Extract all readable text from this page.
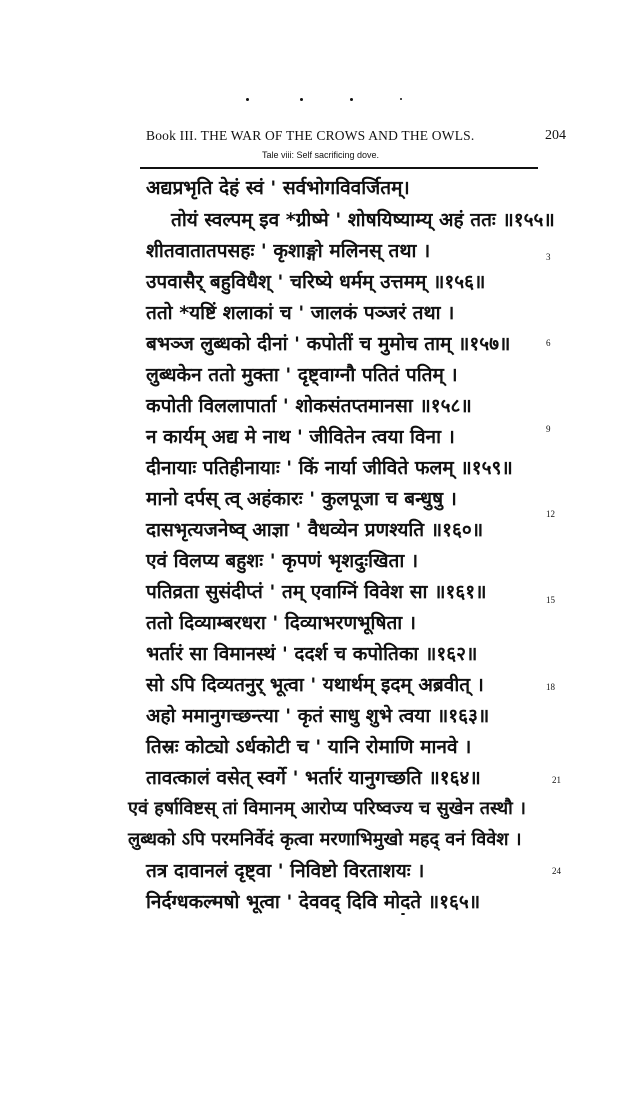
Book III. THE WAR OF THE CROWS AND THE OWLS.	204
Tale viii: Self sacrificing dove.
अद्यप्रभृति देहं स्वं ' सर्वभोगविवर्जितम्।
तोयं स्वल्पम् इव *ग्रीष्मे ' शोषयिष्याम्य् अहं ततः ॥१५५॥
शीतवातातपसहः ' कृशाङ्गो मलिनस् तथा ।
उपवासैर् बहुविधैश् ' चरिष्ये धर्मम् उत्तमम् ॥१५६॥
ततो *यष्टिं शलाकां च ' जालकं पञ्जरं तथा ।
बभञ्ज लुब्धको दीनां ' कपोतीं च मुमोच ताम् ॥१५७॥
लुब्धकेन ततो मुक्ता ' दृष्ट्वाग्नौ पतितं पतिम् ।
कपोती विललापार्ता ' शोकसंतप्तमानसा ॥१५८॥
न कार्यम् अद्य मे नाथ ' जीवितेन त्वया विना ।
दीनायाः पतिहीनायाः ' किं नार्या जीविते फलम् ॥१५९॥
मानो दर्पस् त्व् अहंकारः ' कुलपूजा च बन्धुषु ।
दासभृत्यजनेष्व् आज्ञा ' वैधव्येन प्रणश्यति ॥१६०॥
एवं विलप्य बहुशः ' कृपणं भृशदुःखिता ।
पतिव्रता सुसंदीप्तं ' तम् एवाग्निं विवेश सा ॥१६१॥
ततो दिव्याम्बरधरा ' दिव्याभरणभूषिता ।
भर्तारं सा विमानस्थं ' ददर्श च कपोतिका ॥१६२॥
सो ऽपि दिव्यतनुर् भूत्वा ' यथार्थम् इदम् अब्रवीत् ।
अहो ममानुगच्छन्त्या ' कृतं साधु शुभे त्वया ॥१६३॥
तिस्रः कोट्यो ऽर्धकोटी च ' यानि रोमाणि मानवे ।
तावत्कालं वसेत् स्वर्गे ' भर्तारं यानुगच्छति ॥१६४॥
एवं हर्षाविष्टस् तां विमानम् आरोप्य परिष्वज्य च सुखेन तस्थौ ।
लुब्धको ऽपि परमनिर्वेदं कृत्वा मरणाभिमुखो महद् वनं विवेश ।
तत्र दावानलं दृष्ट्वा ' निविष्टो विरताशयः ।
निर्दग्धकल्मषो भूत्वा ' देववद् दिवि मोदते ॥१६५॥
3
6
9
12
15
18
21
24
